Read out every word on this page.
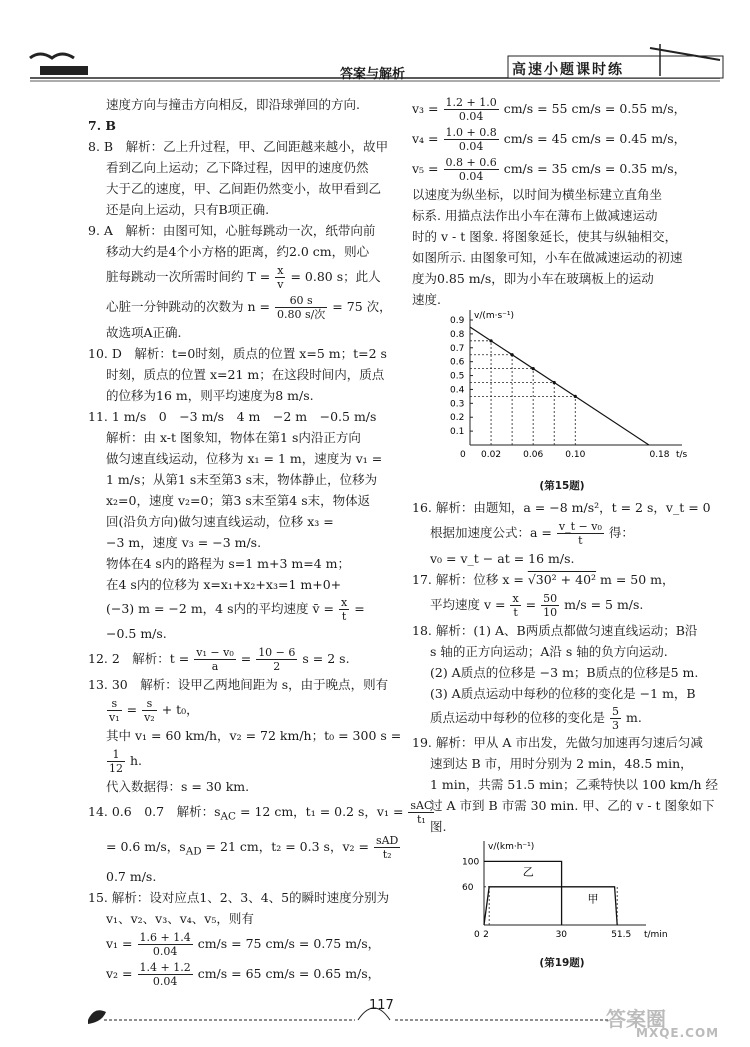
答案与解析	高速小题课时练
速度方向与撞击方向相反，即沿球弹回的方向.
7. B
8. B　解析：乙上升过程，甲、乙间距越来越小，故甲
看到乙向上运动；乙下降过程，因甲的速度仍然
大于乙的速度，甲、乙间距仍然变小，故甲看到乙
还是向上运动，只有B项正确.
9. A　解析：由图可知，心脏每跳动一次，纸带向前
移动大约是4个小方格的距离，约2.0 cm，则心
脏每跳动一次所需时间约 $T = \frac{x}{v} = 0.80$ s；此人
心脏一分钟跳动的次数为 $n = \frac{60 s}{\text{0.80 s/次}} = 75$ 次，
故选项A正确.
10. D　解析：t=0时刻，质点的位置 x=5 m；t=2 s
时刻，质点的位置 x=21 m；在这段时间内，质点
的位移为16 m，则平均速度为8 m/s.
11. 1 m/s　0　−3 m/s　4 m　−2 m　−0.5 m/s
解析：由 x-t 图象知，物体在第1 s内沿正方向
做匀速直线运动，位移为 x₁ = 1 m，速度为 v₁ =
1 m/s；从第1 s末至第3 s末，物体静止，位移为
x₂=0，速度 v₂=0；第3 s末至第4 s末，物体返
回(沿负方向)做匀速直线运动，位移 x₃ =
−3 m，速度 v₃ = −3 m/s.
物体在4 s内的路程为 s=1 m+3 m=4 m；
在4 s内的位移为 x=x₁+x₂+x₃=1 m+0+
(−3) m = −2 m，4 s内的平均速度 v̄ = $\frac{x}{t}$ =
−0.5 m/s.
12. 2　解析：$t = \frac{\text{v₁ − v₀}}{a} = \frac{10 - 6}{2}$ s = 2 s.
13. 30　解析：设甲乙两地间距为 s，由于晚点，则有
$\frac{s}{\text{v₁}} = \frac{s}{\text{v₂}} + t_0$，
其中 v₁ = 60 km/h，v₂ = 72 km/h；t₀ = 300 s =
$\frac{1}{12} h$.
代入数据得：s = 30 km.
14. 0.6　0.7　解析：$s_{AC} = 12$ cm，t₁ = 0.2 s，$v_1 = \frac{\text{sAC}}{\text{t₁}}$
= 0.6 m/s，$s_{AD} = 21$ cm，t₂ = 0.3 s，$v_2 = \frac{\text{sAD}}{\text{t₂}}$
0.7 m/s.
15. 解析：设对应点1、2、3、4、5的瞬时速度分别为
v₁、v₂、v₃、v₄、v₅，则有
$v_1 = \frac{1.6 + 1.4}{0.04} cm/s = 75$ cm/s = 0.75 m/s，
$v_2 = \frac{1.4 + 1.2}{0.04} cm/s = 65$ cm/s = 0.65 m/s，
$v_3 = \frac{1.2 + 1.0}{0.04} cm/s = 55$ cm/s = 0.55 m/s，
$v_4 = \frac{1.0 + 0.8}{0.04} cm/s = 45$ cm/s = 0.45 m/s，
$v_5 = \frac{0.8 + 0.6}{0.04} cm/s = 35$ cm/s = 0.35 m/s，
以速度为纵坐标，以时间为横坐标建立直角坐
标系. 用描点法作出小车在薄布上做减速运动
时的 v - t 图象. 将图象延长，使其与纵轴相交，
如图所示. 由图象可知，小车在做减速运动的初速
度为0.85 m/s，即为小车在玻璃板上的运动
速度.
v/(m·s⁻¹)
t/s
0
0.1
0.2
0.3
0.4
0.5
0.6
0.7
0.8
0.9
0.02 0.06 0.10	0.18
(第15题)
16. 解析：由题知，a = −8 m/s²，t = 2 s，v_t = 0
根据加速度公式：$a = \frac{\text{v\_t − v₀}}{t}$ 得：
v₀ = v_t − at = 16 m/s.
17. 解析：位移 x = √30² + 40² m = 50 m，
平均速度 $v = \frac{x}{t} = \frac{50}{10} m/s = 5$ m/s.
18. 解析：(1) A、B两质点都做匀速直线运动；B沿
s 轴的正方向运动；A沿 s 轴的负方向运动.
(2) A质点的位移是 −3 m；B质点的位移是5 m.
(3) A质点运动中每秒的位移的变化是 −1 m，B
质点运动中每秒的位移的变化是 $\frac{5}{3} m$.
19. 解析：甲从 A 市出发，先做匀加速再匀速后匀减
速到达 B 市，用时分别为 2 min，48.5 min，
1 min，共需 51.5 min；乙乘特快以 100 km/h 经
过 A 市到 B 市需 30 min. 甲、乙的 v - t 图象如下
图.
v/(km·h⁻¹)
t/min
0
60
100
2	30	51.5
乙
甲
(第19题)
117
答案圈
MXQE.COM
